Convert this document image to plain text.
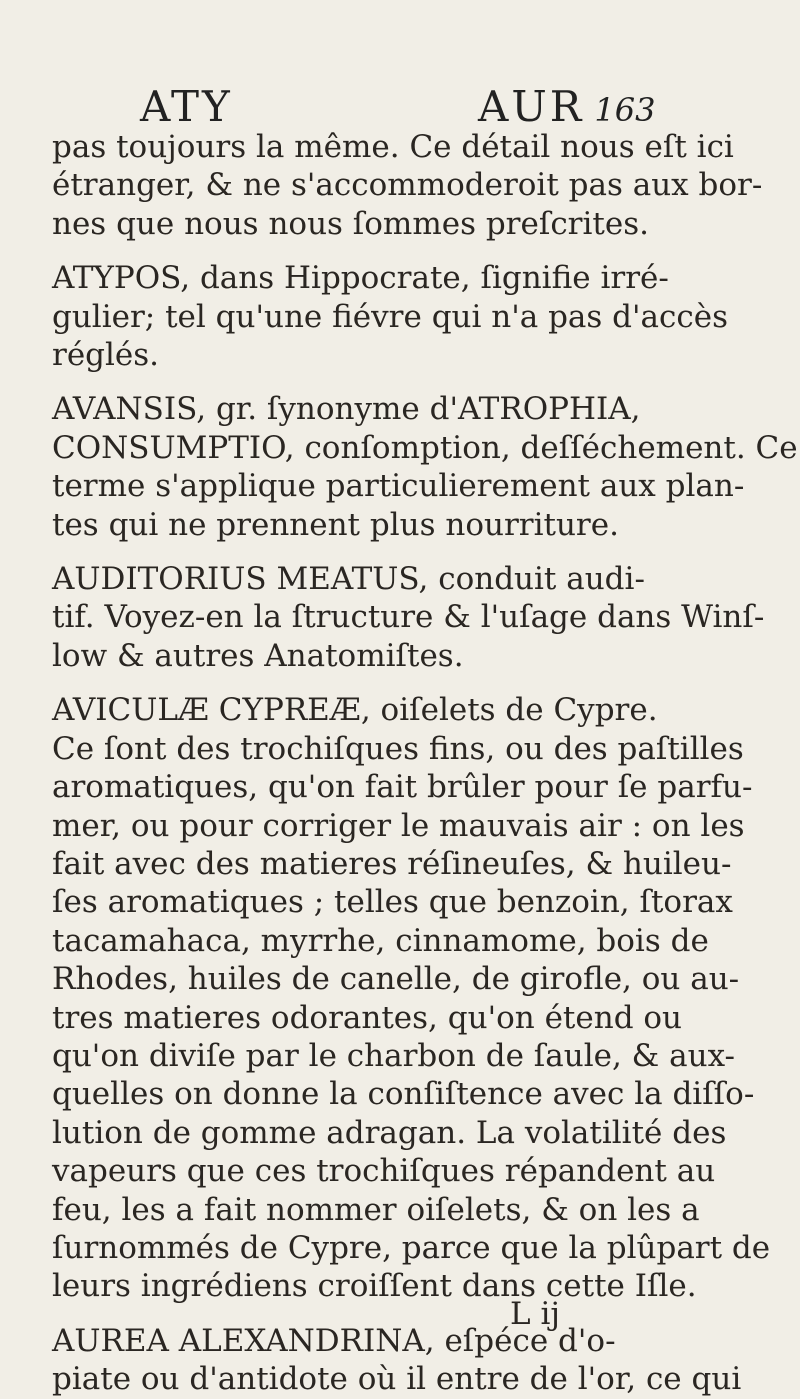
ATY	AUR 163
pas toujours la même. Ce détail nous eſt ici
étranger, & ne s'accommoderoit pas aux bor-
nes que nous nous ſommes preſcrites.
ATYPOS, dans Hippocrate, ſignifie irré-
gulier; tel qu'une fiévre qui n'a pas d'accès
réglés.
AVANSIS, gr. ſynonyme d'ATROPHIA,
CONSUMPTIO, conſomption, deſſéchement. Ce
terme s'applique particulierement aux plan-
tes qui ne prennent plus nourriture.
AUDITORIUS MEATUS, conduit audi-
tif. Voyez-en la ſtructure & l'uſage dans Winſ-
low & autres Anatomiſtes.
AVICULÆ CYPREÆ, oiſelets de Cypre.
Ce ſont des trochiſques fins, ou des paſtilles
aromatiques, qu'on fait brûler pour ſe parfu-
mer, ou pour corriger le mauvais air : on les
fait avec des matieres réſineuſes, & huileu-
ſes aromatiques ; telles que benzoin, ſtorax
tacamahaca, myrrhe, cinnamome, bois de
Rhodes, huiles de canelle, de girofle, ou au-
tres matieres odorantes, qu'on étend ou
qu'on diviſe par le charbon de ſaule, & aux-
quelles on donne la conſiſtence avec la diſſo-
lution de gomme adragan. La volatilité des
vapeurs que ces trochiſques répandent au
feu, les a fait nommer oiſelets, & on les a
ſurnommés de Cypre, parce que la plûpart de
leurs ingrédiens croiſſent dans cette Iſle.
AUREA ALEXANDRINA, eſpéce d'o-
piate ou d'antidote où il entre de l'or, ce qui
L ij
